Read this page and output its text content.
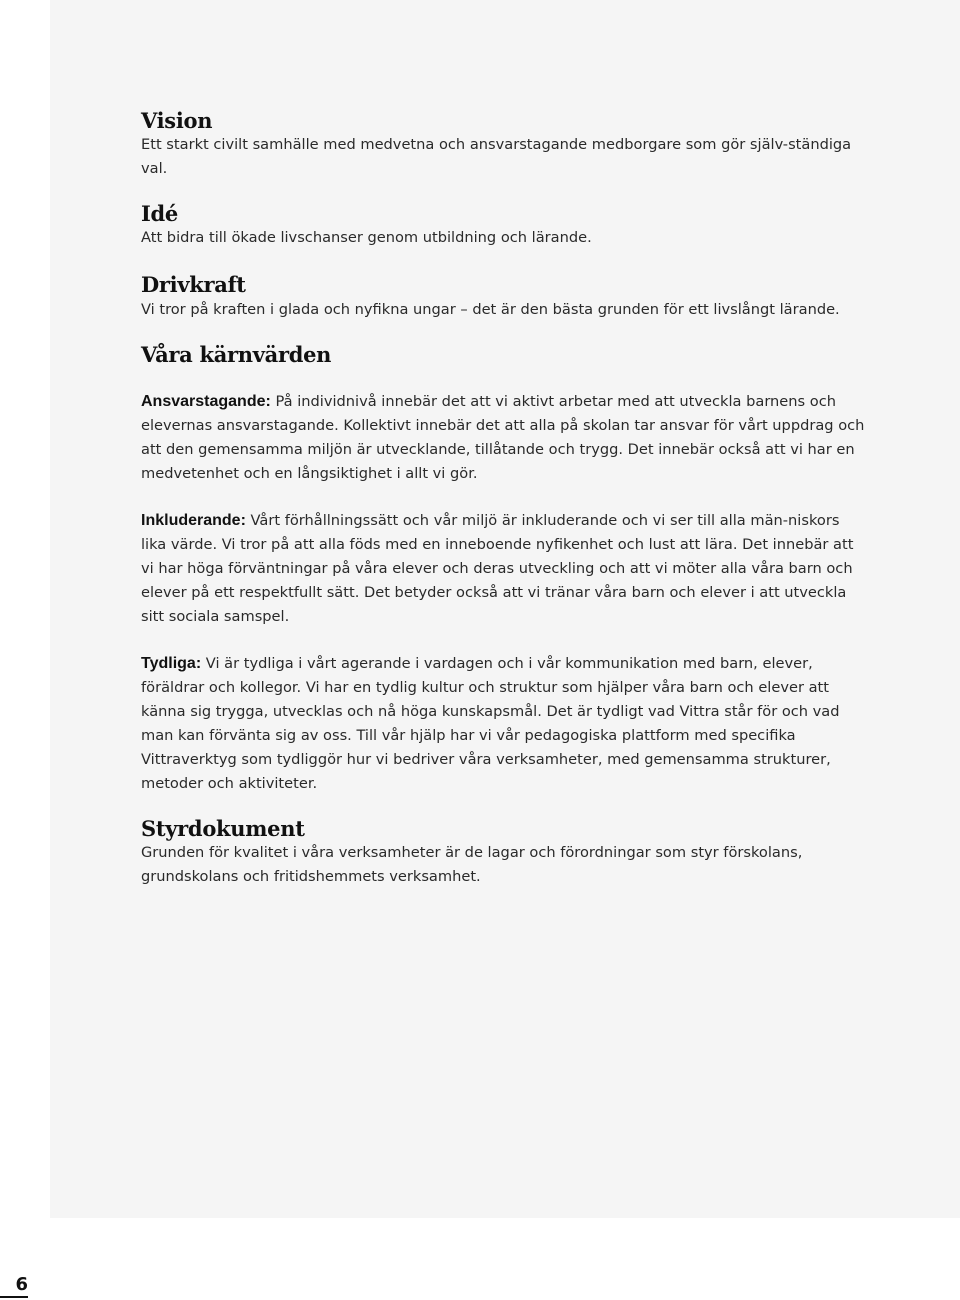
Vision

Ett starkt civilt samhälle med medvetna och ansvarstagande medborgare som gör själv-ständiga val.

Idé

Att bidra till ökade livschanser genom utbildning och lärande.

Drivkraft

Vi tror på kraften i glada och nyfikna ungar – det är den bästa grunden för ett livslångt lärande.

Våra kärnvärden

Ansvarstagande: På individnivå innebär det att vi aktivt arbetar med att utveckla barnens och elevernas ansvarstagande. Kollektivt innebär det att alla på skolan tar ansvar för vårt uppdrag och att den gemensamma miljön är utvecklande, tillåtande och trygg. Det innebär också att vi har en medvetenhet och en långsiktighet i allt vi gör.

Inkluderande: Vårt förhållningssätt och vår miljö är inkluderande och vi ser till alla män-niskors lika värde. Vi tror på att alla föds med en inneboende nyfikenhet och lust att lära. Det innebär att vi har höga förväntningar på våra elever och deras utveckling och att vi möter alla våra barn och elever på ett respektfullt sätt. Det betyder också att vi tränar våra barn och elever i att utveckla sitt sociala samspel.

Tydliga: Vi är tydliga i vårt agerande i vardagen och i vår kommunikation med barn, elever, föräldrar och kollegor. Vi har en tydlig kultur och struktur som hjälper våra barn och elever att känna sig trygga, utvecklas och nå höga kunskapsmål. Det är tydligt vad Vittra står för och vad man kan förvänta sig av oss. Till vår hjälp har vi vår pedagogiska plattform med specifika Vittraverktyg som tydliggör hur vi bedriver våra verksamheter, med gemensamma strukturer, metoder och aktiviteter.

Styrdokument

Grunden för kvalitet i våra verksamheter är de lagar och förordningar som styr förskolans, grundskolans och fritidshemmets verksamhet.

6
